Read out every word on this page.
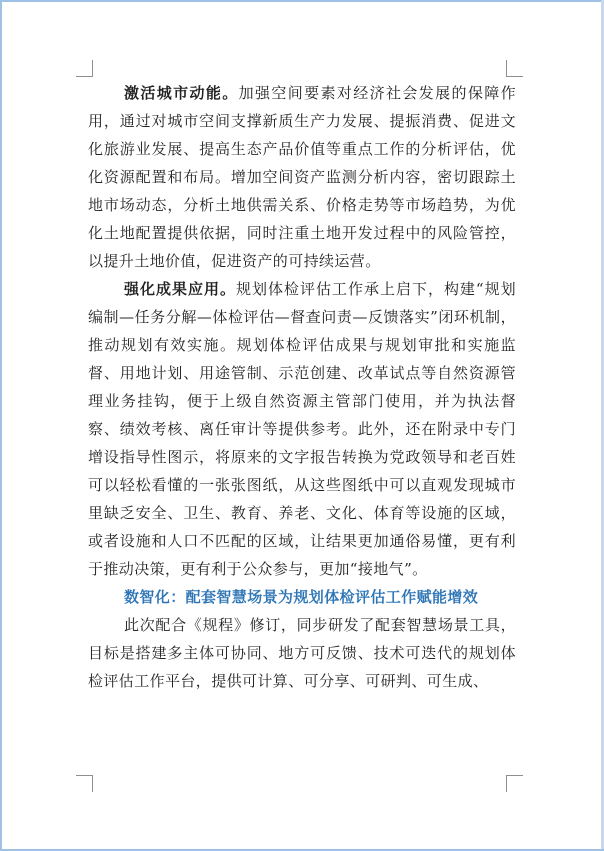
激活城市动能。加强空间要素对经济社会发展的保障作用，通过对城市空间支撑新质生产力发展、提振消费、促进文化旅游业发展、提高生态产品价值等重点工作的分析评估，优化资源配置和布局。增加空间资产监测分析内容，密切跟踪土地市场动态，分析土地供需关系、价格走势等市场趋势，为优化土地配置提供依据，同时注重土地开发过程中的风险管控，以提升土地价值，促进资产的可持续运营。

强化成果应用。规划体检评估工作承上启下，构建“规划编制—任务分解—体检评估—督查问责—反馈落实”闭环机制，推动规划有效实施。规划体检评估成果与规划审批和实施监督、用地计划、用途管制、示范创建、改革试点等自然资源管理业务挂钩，便于上级自然资源主管部门使用，并为执法督察、绩效考核、离任审计等提供参考。此外，还在附录中专门增设指导性图示，将原来的文字报告转换为党政领导和老百姓可以轻松看懂的一张张图纸，从这些图纸中可以直观发现城市里缺乏安全、卫生、教育、养老、文化、体育等设施的区域，或者设施和人口不匹配的区域，让结果更加通俗易懂，更有利于推动决策，更有利于公众参与，更加“接地气”。

数智化：配套智慧场景为规划体检评估工作赋能增效

此次配合《规程》修订，同步研发了配套智慧场景工具，目标是搭建多主体可协同、地方可反馈、技术可迭代的规划体检评估工作平台，提供可计算、可分享、可研判、可生成、
